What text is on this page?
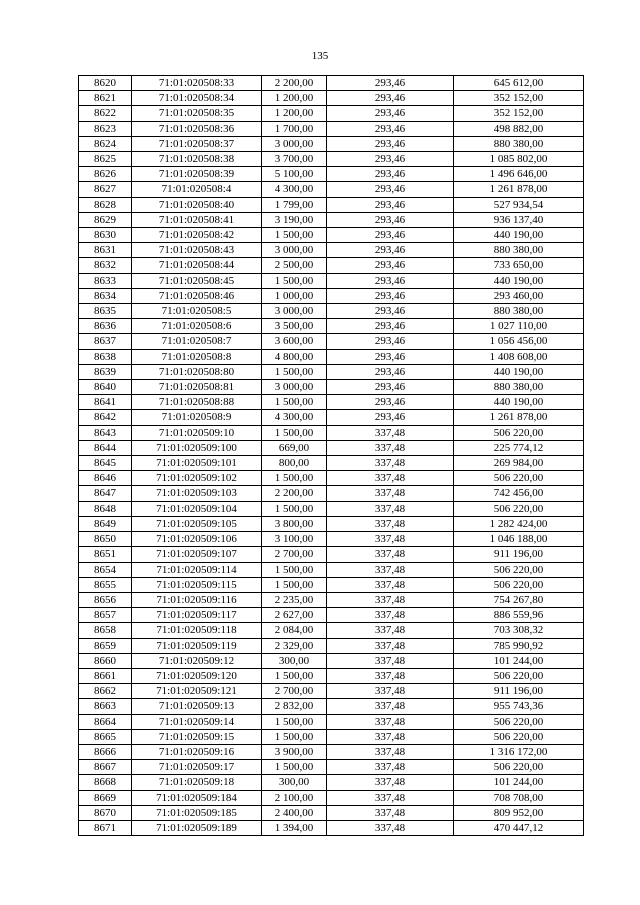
135
8620	71:01:020508:33	2 200,00	293,46	645 612,00
8621	71:01:020508:34	1 200,00	293,46	352 152,00
8622	71:01:020508:35	1 200,00	293,46	352 152,00
8623	71:01:020508:36	1 700,00	293,46	498 882,00
8624	71:01:020508:37	3 000,00	293,46	880 380,00
8625	71:01:020508:38	3 700,00	293,46	1 085 802,00
8626	71:01:020508:39	5 100,00	293,46	1 496 646,00
8627	71:01:020508:4	4 300,00	293,46	1 261 878,00
8628	71:01:020508:40	1 799,00	293,46	527 934,54
8629	71:01:020508:41	3 190,00	293,46	936 137,40
8630	71:01:020508:42	1 500,00	293,46	440 190,00
8631	71:01:020508:43	3 000,00	293,46	880 380,00
8632	71:01:020508:44	2 500,00	293,46	733 650,00
8633	71:01:020508:45	1 500,00	293,46	440 190,00
8634	71:01:020508:46	1 000,00	293,46	293 460,00
8635	71:01:020508:5	3 000,00	293,46	880 380,00
8636	71:01:020508:6	3 500,00	293,46	1 027 110,00
8637	71:01:020508:7	3 600,00	293,46	1 056 456,00
8638	71:01:020508:8	4 800,00	293,46	1 408 608,00
8639	71:01:020508:80	1 500,00	293,46	440 190,00
8640	71:01:020508:81	3 000,00	293,46	880 380,00
8641	71:01:020508:88	1 500,00	293,46	440 190,00
8642	71:01:020508:9	4 300,00	293,46	1 261 878,00
8643	71:01:020509:10	1 500,00	337,48	506 220,00
8644	71:01:020509:100	669,00	337,48	225 774,12
8645	71:01:020509:101	800,00	337,48	269 984,00
8646	71:01:020509:102	1 500,00	337,48	506 220,00
8647	71:01:020509:103	2 200,00	337,48	742 456,00
8648	71:01:020509:104	1 500,00	337,48	506 220,00
8649	71:01:020509:105	3 800,00	337,48	1 282 424,00
8650	71:01:020509:106	3 100,00	337,48	1 046 188,00
8651	71:01:020509:107	2 700,00	337,48	911 196,00
8654	71:01:020509:114	1 500,00	337,48	506 220,00
8655	71:01:020509:115	1 500,00	337,48	506 220,00
8656	71:01:020509:116	2 235,00	337,48	754 267,80
8657	71:01:020509:117	2 627,00	337,48	886 559,96
8658	71:01:020509:118	2 084,00	337,48	703 308,32
8659	71:01:020509:119	2 329,00	337,48	785 990,92
8660	71:01:020509:12	300,00	337,48	101 244,00
8661	71:01:020509:120	1 500,00	337,48	506 220,00
8662	71:01:020509:121	2 700,00	337,48	911 196,00
8663	71:01:020509:13	2 832,00	337,48	955 743,36
8664	71:01:020509:14	1 500,00	337,48	506 220,00
8665	71:01:020509:15	1 500,00	337,48	506 220,00
8666	71:01:020509:16	3 900,00	337,48	1 316 172,00
8667	71:01:020509:17	1 500,00	337,48	506 220,00
8668	71:01:020509:18	300,00	337,48	101 244,00
8669	71:01:020509:184	2 100,00	337,48	708 708,00
8670	71:01:020509:185	2 400,00	337,48	809 952,00
8671	71:01:020509:189	1 394,00	337,48	470 447,12
